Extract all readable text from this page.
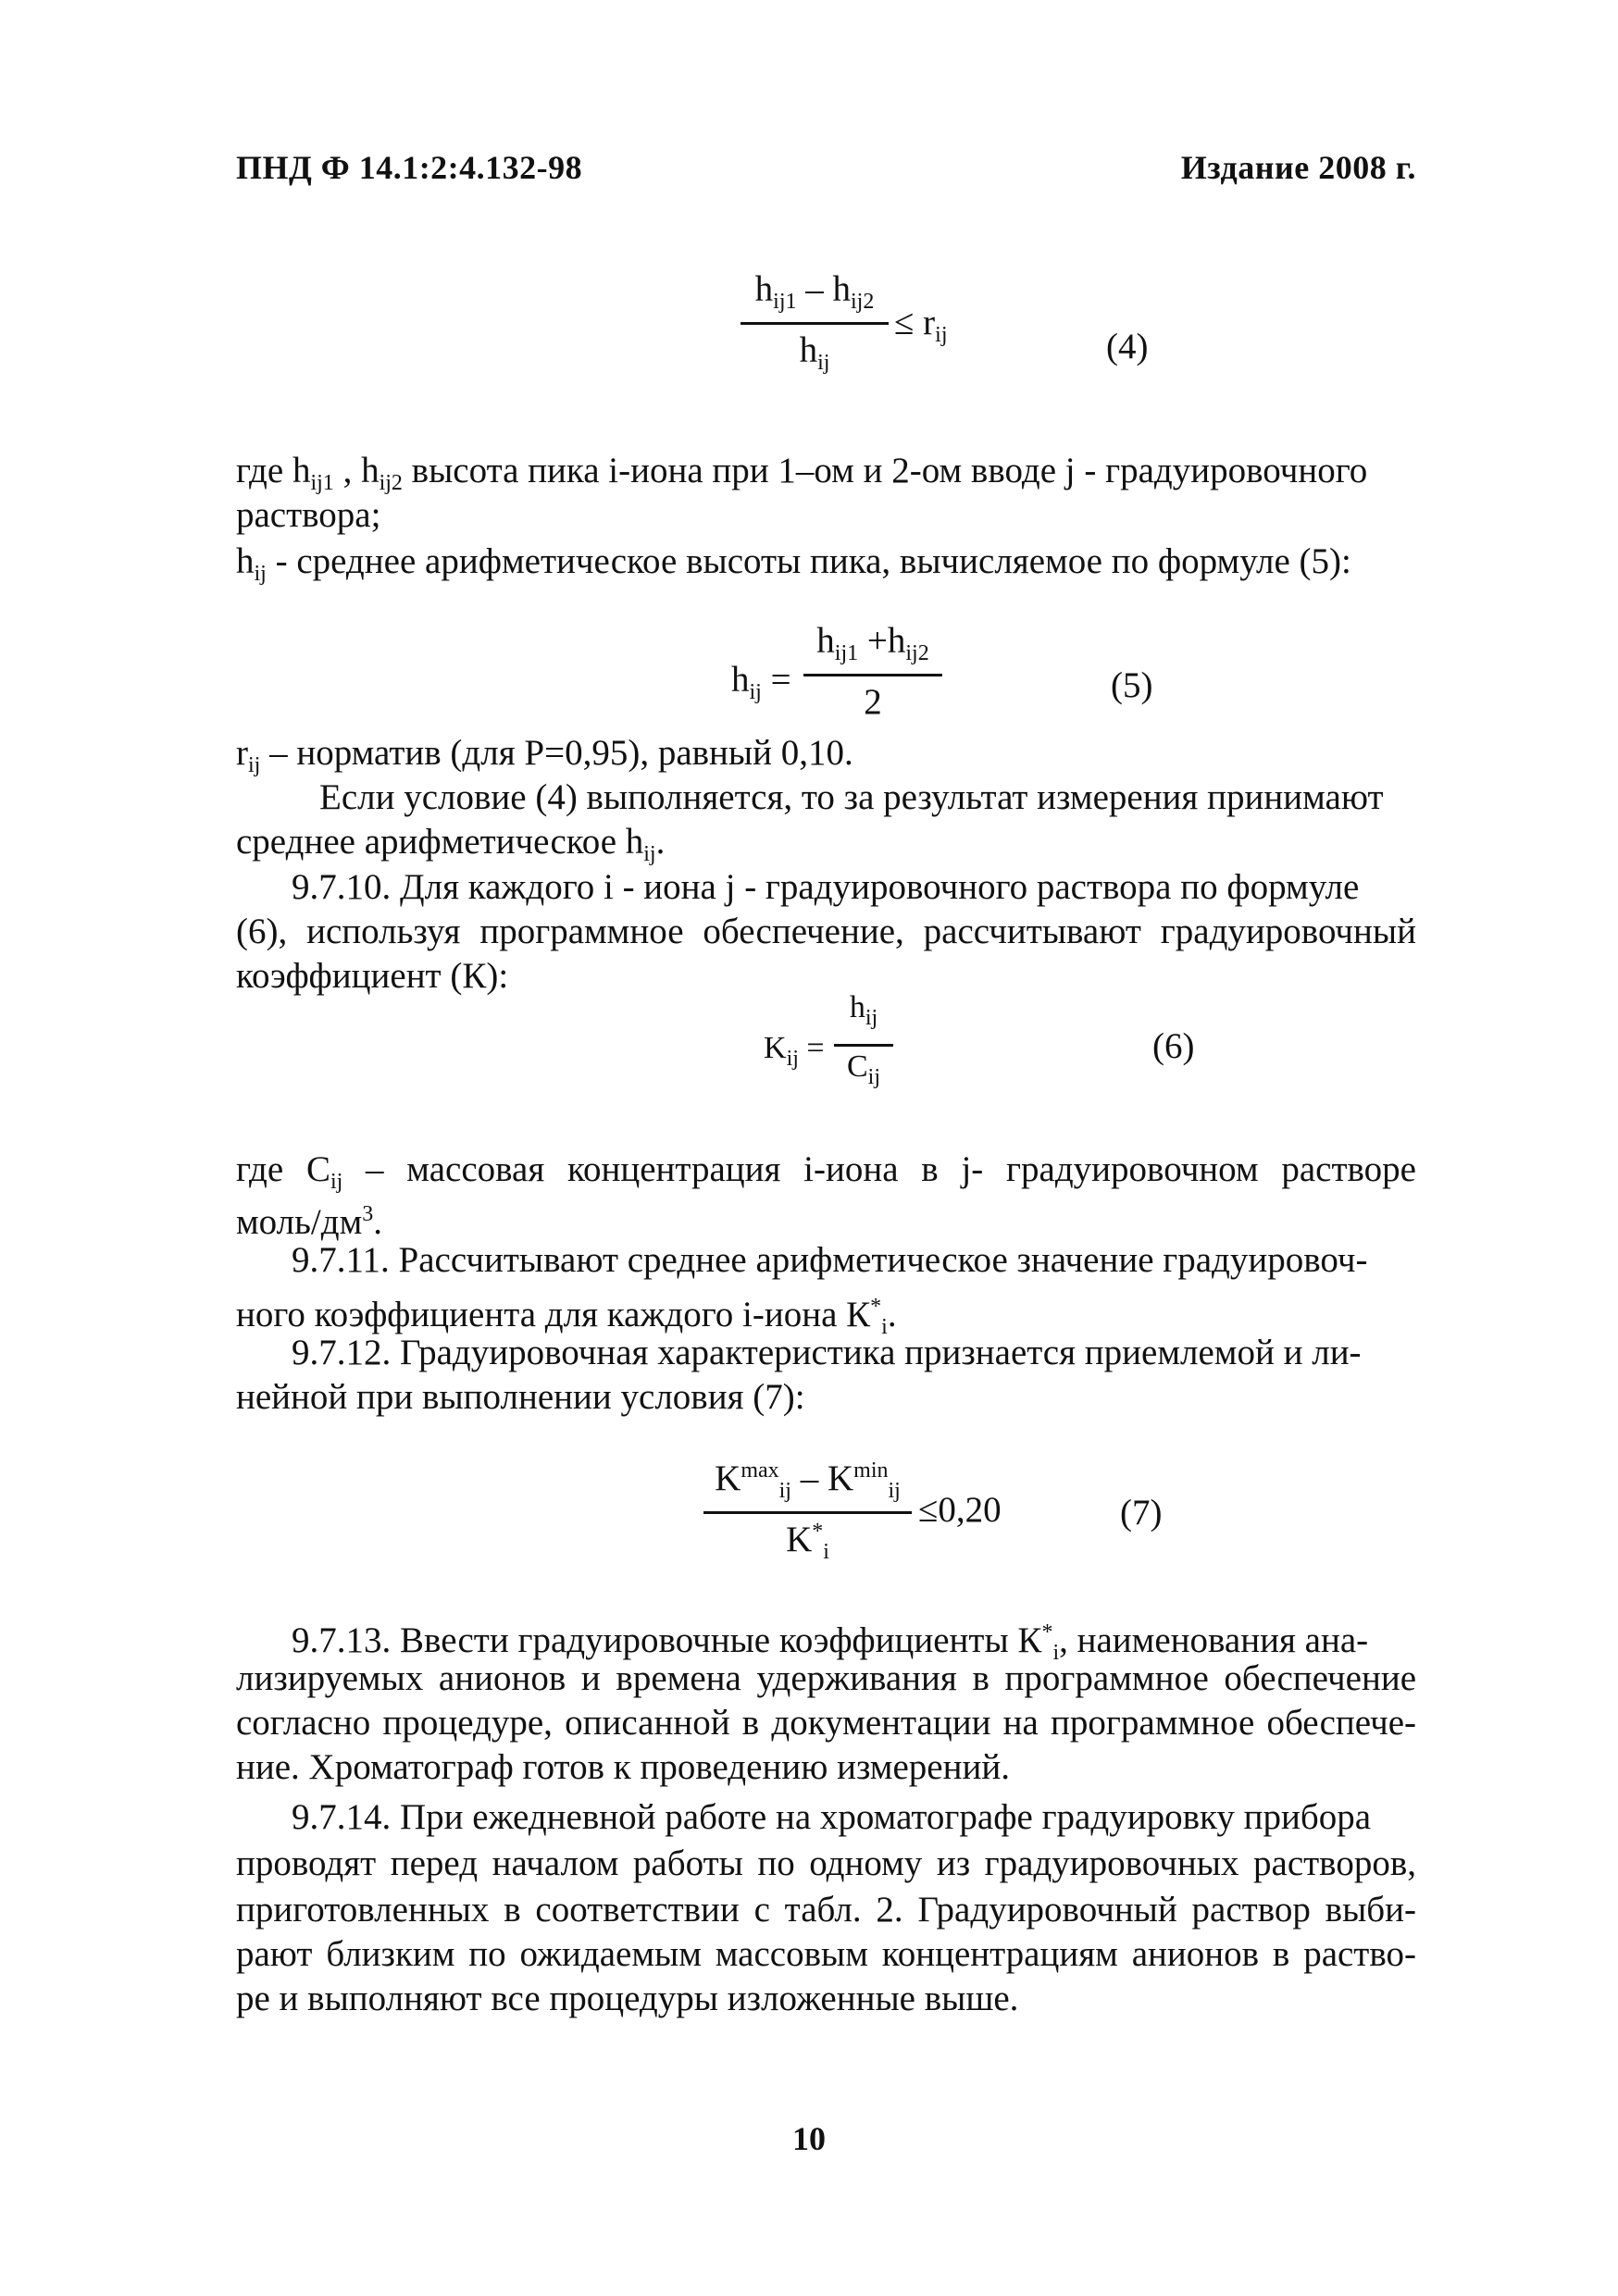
ПНД Ф 14.1:2:4.132-98	Издание 2008 г.
$h_{ij1} - h_{ij2}$
$h_{ij}$
≤ $r_{ij}$	(4)
где $h_{ij1}$ , $h_{ij2}$ высота пика i-иона при 1–ом и 2-ом вводе j - градуировочного
раствора;
$h_{ij}$ - среднее арифметическое высоты пика, вычисляемое по формуле (5):
$h_{ij}$ =
$h_{ij1} +h_{ij2}$
2	(5)
$r_{ij}$ – норматив (для Р=0,95), равный 0,10.
Если условие (4) выполняется, то за результат измерения принимают
среднее арифметическое $h_{ij}$.
9.7.10. Для каждого i - иона j - градуировочного раствора по формуле
(6), используя программное обеспечение, рассчитывают градуировочный
коэффициент (К):
$K_{ij}$ =
$h_{ij}$
$C_{ij}$
(6)
где $C_{ij}$ – массовая концентрация i-иона в j- градуировочном растворе
моль/$дм^3$.
9.7.11. Рассчитывают среднее арифметическое значение градуировоч-
ного коэффициента для каждого i-иона $К^*_i$.
9.7.12. Градуировочная характеристика признается приемлемой и ли-
нейной при выполнении условия (7):
$K^{max}_{ij} - K^{min}_{ij}$
$K^*_i$
≤0,20	(7)
9.7.13. Ввести градуировочные коэффициенты $К^*_i$, наименования ана-
лизируемых анионов и времена удерживания в программное обеспечение
согласно процедуре, описанной в документации на программное обеспече-
ние. Хроматограф готов к проведению измерений.
9.7.14. При ежедневной работе на хроматографе градуировку прибора
проводят перед началом работы по одному из градуировочных растворов,
приготовленных в соответствии с табл. 2. Градуировочный раствор выби-
рают близким по ожидаемым массовым концентрациям анионов в раство-
ре и выполняют все процедуры изложенные выше.
10
